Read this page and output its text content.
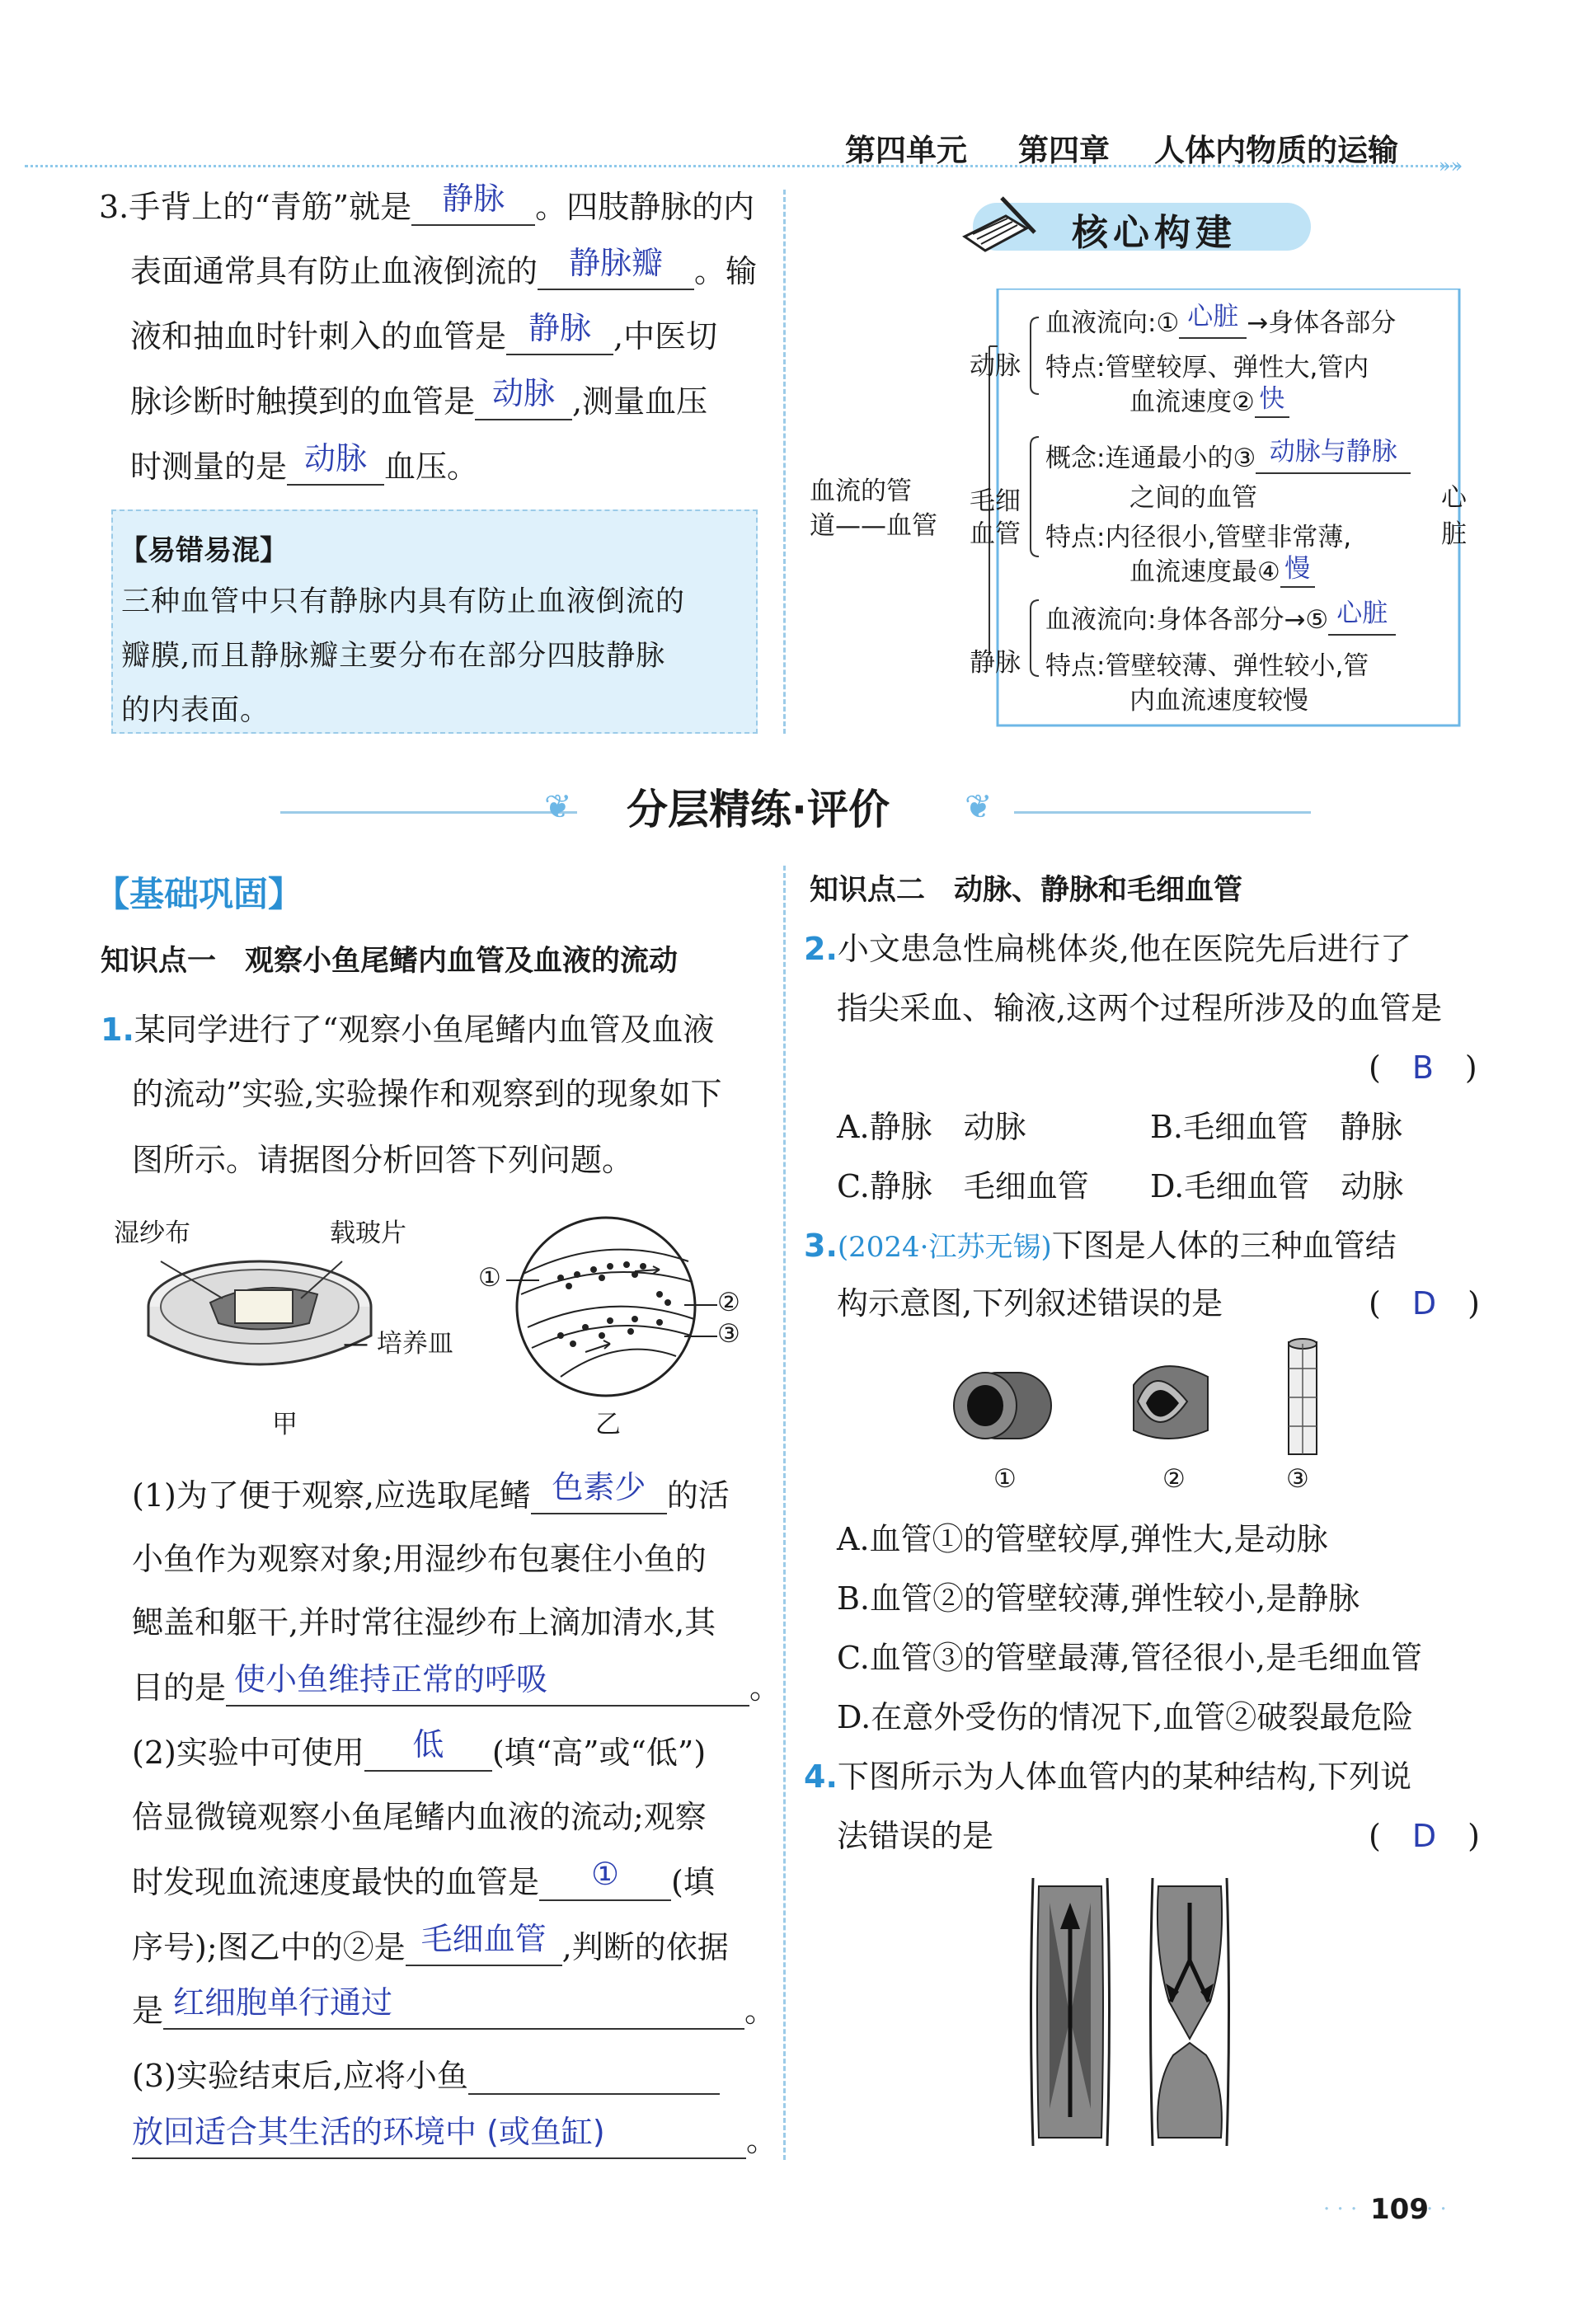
第四单元 第四章 人体内物质的运输 »»
3.手背上的“青筋”就是 静脉 。四肢静脉的内
表面通常具有防止血液倒流的 静脉瓣 。输
液和抽血时针刺入的血管是 静脉 ,中医切
脉诊断时触摸到的血管是 动脉 ,测量血压
时测量的是 动脉 血压。
【易错易混】
三种血管中只有静脉内具有防止血液倒流的
瓣膜,而且静脉瓣主要分布在部分四肢静脉
的内表面。
核心构建
血流的管
道——血管
动脉
血液流向:① 心脏 →身体各部分
特点:管壁较厚、弹性大,管内
血流速度② 快
毛细
血管
概念:连通最小的③ 动脉与静脉
之间的血管
特点:内径很小,管壁非常薄,
血流速度最④ 慢
心
脏
静脉
血液流向:身体各部分→⑤ 心脏
特点:管壁较薄、弹性较小,管
内血流速度较慢
❦	❦
分层精练·评价
【基础巩固】
知识点一　观察小鱼尾鳍内血管及血液的流动
1.某同学进行了“观察小鱼尾鳍内血管及血液
的流动”实验,实验操作和观察到的现象如下
图所示。请据图分析回答下列问题。
湿纱布	载玻片
— 培养皿
甲
①
②
③
乙
(1)为了便于观察,应选取尾鳍 色素少 的活
小鱼作为观察对象;用湿纱布包裹住小鱼的
鳃盖和躯干,并时常往湿纱布上滴加清水,其
目的是 使小鱼维持正常的呼吸	。
(2)实验中可使用 低 (填“高”或“低”)
倍显微镜观察小鱼尾鳍内血液的流动;观察
时发现血流速度最快的血管是 ① (填
序号);图乙中的②是 毛细血管 ,判断的依据
是 红细胞单行通过	。
(3)实验结束后,应将小鱼
放回适合其生活的环境中 (或鱼缸)	。
知识点二　动脉、静脉和毛细血管
2.小文患急性扁桃体炎,他在医院先后进行了
指尖采血、输液,这两个过程所涉及的血管是
(　B　)
A.静脉　动脉	B.毛细血管　静脉
C.静脉　毛细血管 D.毛细血管　动脉
3.(2024·江苏无锡)下图是人体的三种血管结
构示意图,下列叙述错误的是	(　D　)
①	②	③
A.血管①的管壁较厚,弹性大,是动脉
B.血管②的管壁较薄,弹性较小,是静脉
C.血管③的管壁最薄,管径很小,是毛细血管
D.在意外受伤的情况下,血管②破裂最危险
4.下图所示为人体血管内的某种结构,下列说
法错误的是	(　D　)
109
· · ·	· ·
